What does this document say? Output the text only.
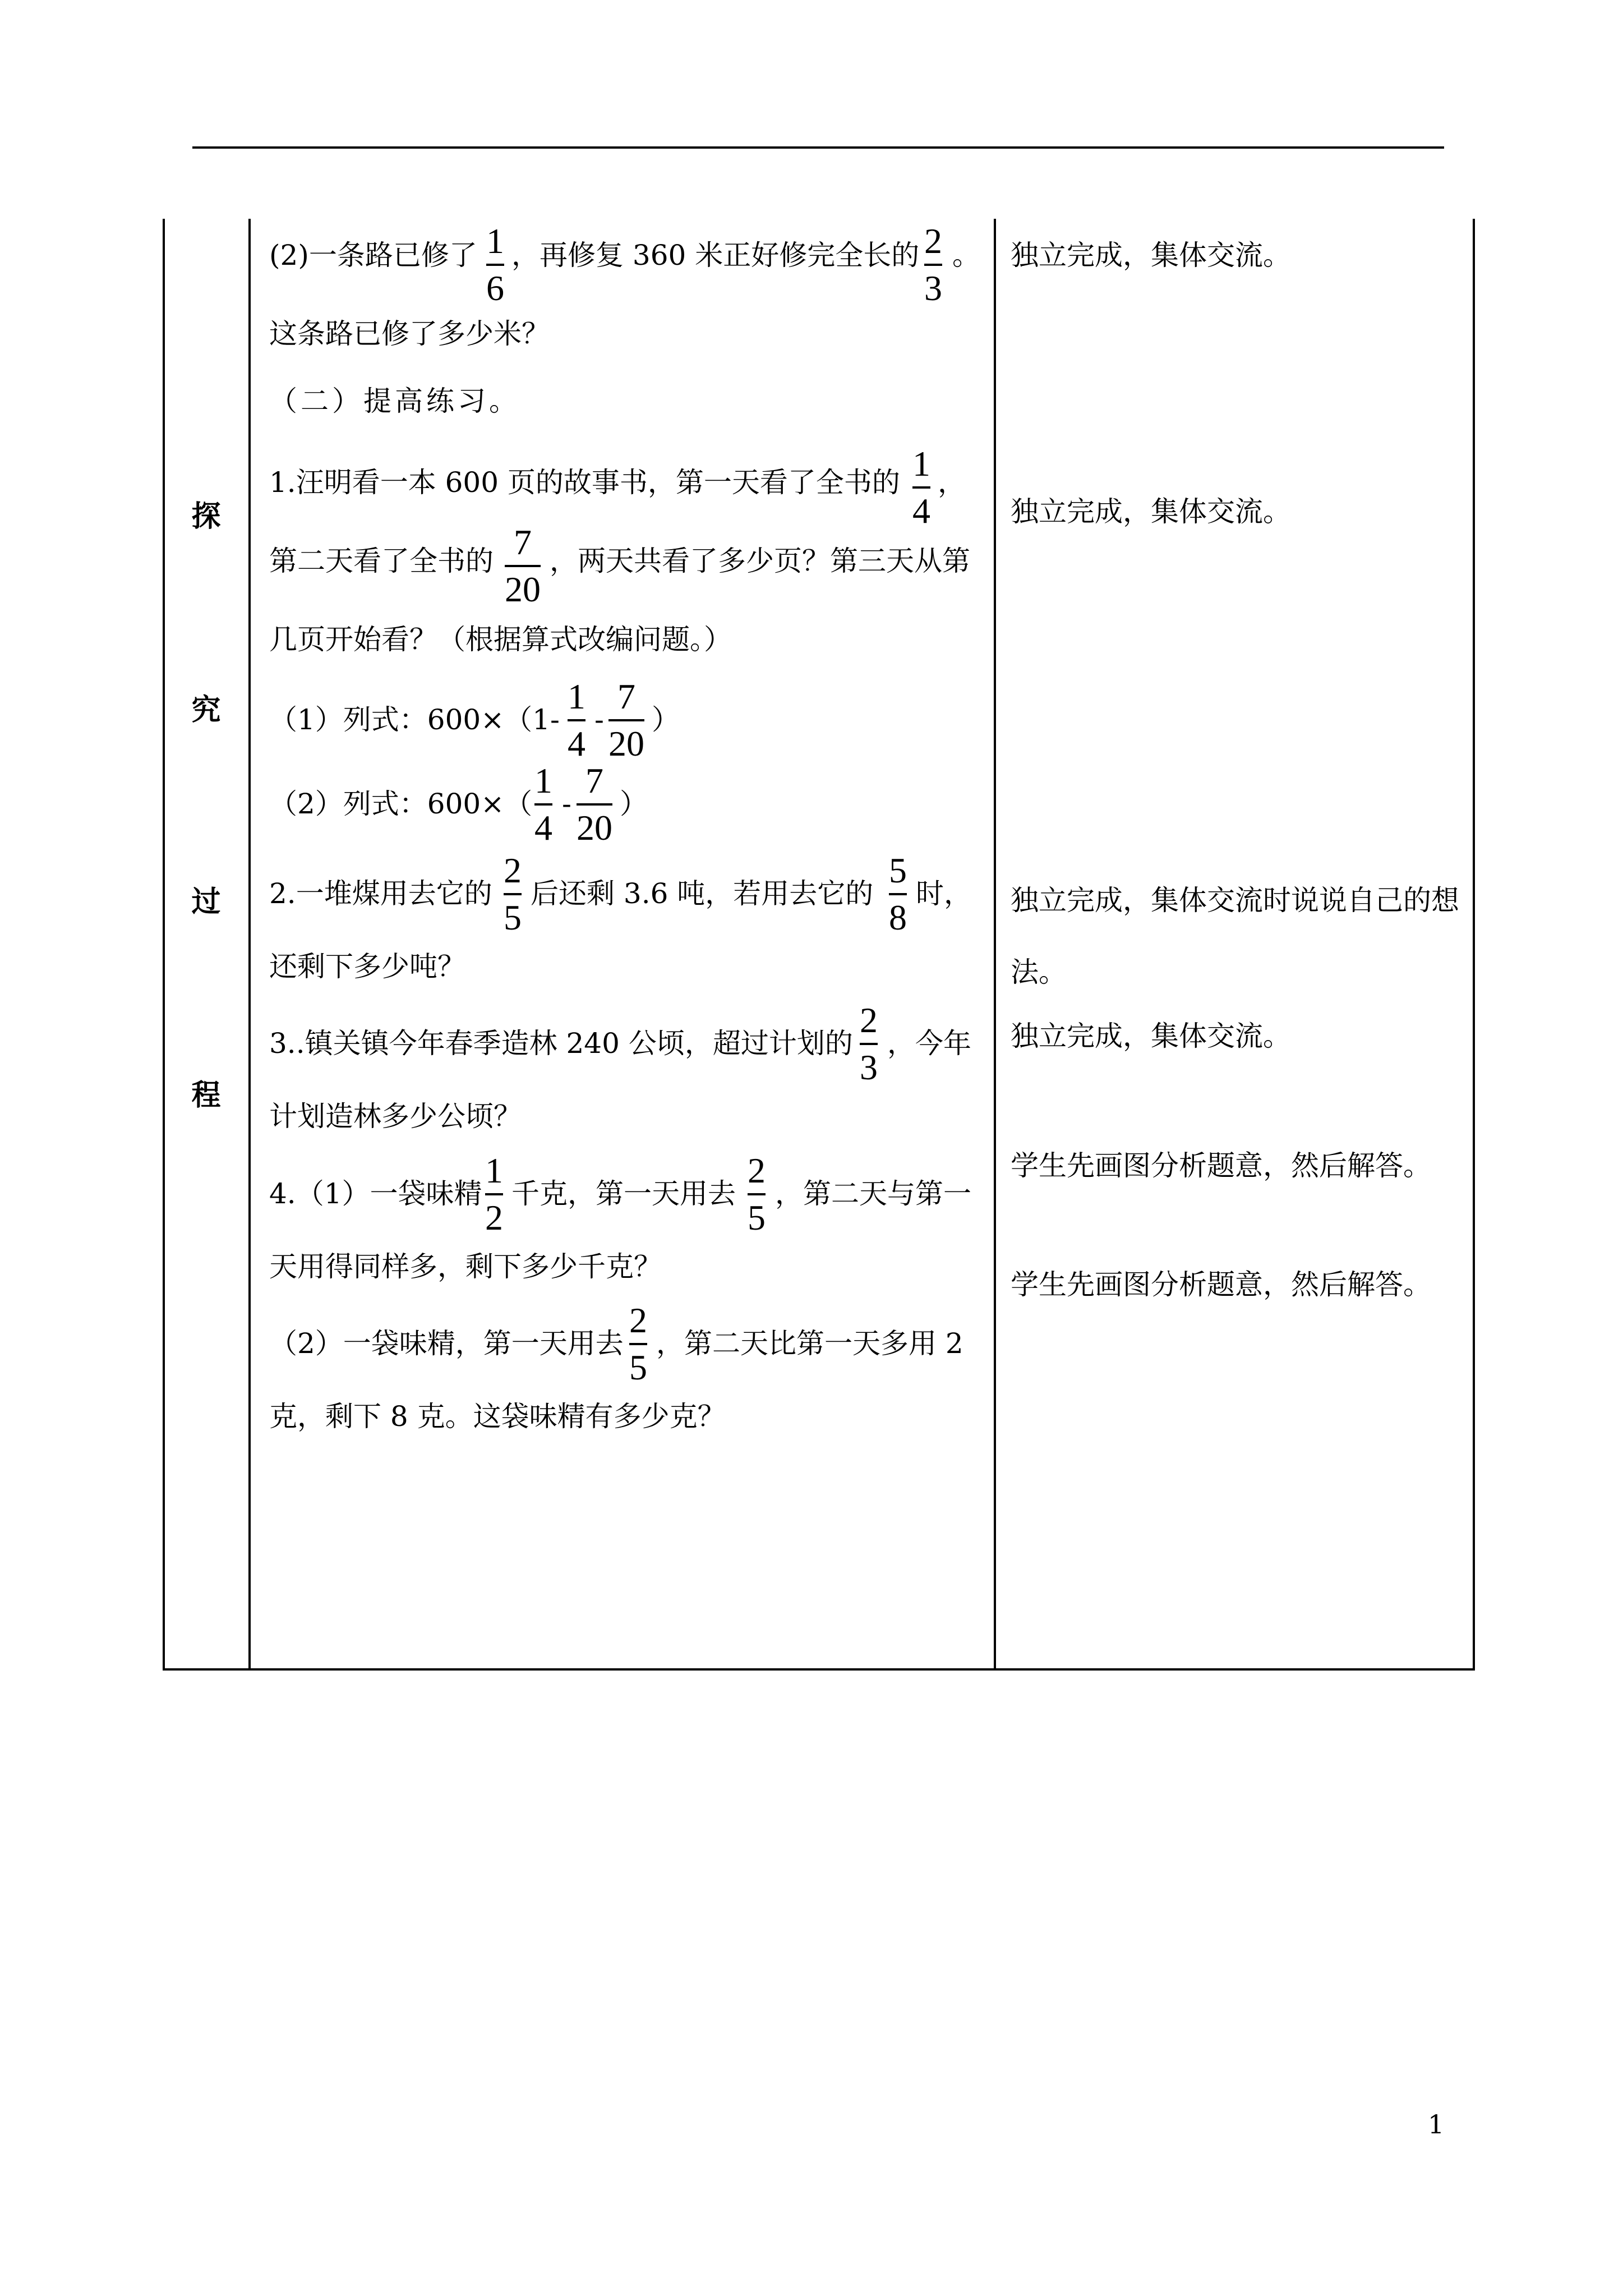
探
究
过
程
(2)一条路已修了 1
6
，再修复 360 米正好修完全长的 2
3
。
这条路已修了多少米？
（二）提高练习。
1.汪明看一本 600 页的故事书，第一天看了全书的 1
4
，
第二天看了全书的 7
20
，两天共看了多少页？第三天从第
几页开始看？（根据算式改编问题。）
（1）列式：600×（1-
1
4
-
7
20
）
（2）列式：600×（
1
4
-
7
20
）
2.一堆煤用去它的
2
5
后还剩 3.6 吨，若用去它的
5
8
时，
还剩下多少吨？
3..镇关镇今年春季造林 240 公顷，超过计划的
2
3
，今年
计划造林多少公顷？
4.（1）一袋味精
1
2
千克，第一天用去
2
5
，第二天与第一
天用得同样多，剩下多少千克？
（2）一袋味精，第一天用去
2
5
，第二天比第一天多用 2
克，剩下 8 克。这袋味精有多少克？
独立完成，集体交流。
独立完成，集体交流。
独立完成，集体交流时说说自己的想
法。
独立完成，集体交流。
学生先画图分析题意，然后解答。
学生先画图分析题意，然后解答。
1
